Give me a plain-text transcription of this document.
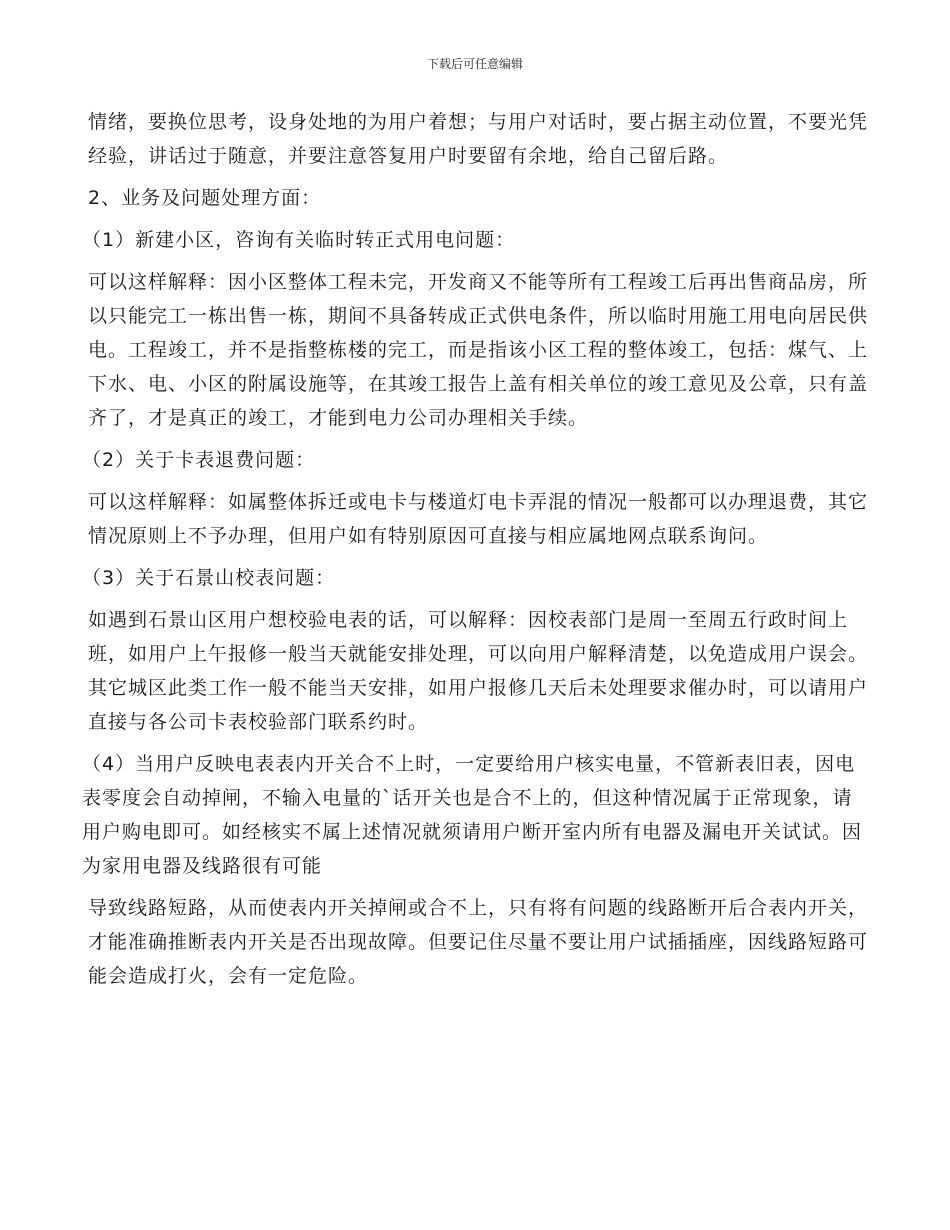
下载后可任意编辑

情绪，要换位思考，设身处地的为用户着想；与用户对话时，要占据主动位置，不要光凭经验，讲话过于随意，并要注意答复用户时要留有余地，给自己留后路。

2、业务及问题处理方面：

（1）新建小区，咨询有关临时转正式用电问题：

可以这样解释：因小区整体工程未完，开发商又不能等所有工程竣工后再出售商品房，所以只能完工一栋出售一栋，期间不具备转成正式供电条件，所以临时用施工用电向居民供电。工程竣工，并不是指整栋楼的完工，而是指该小区工程的整体竣工，包括：煤气、上下水、电、小区的附属设施等，在其竣工报告上盖有相关单位的竣工意见及公章，只有盖齐了，才是真正的竣工，才能到电力公司办理相关手续。

（2）关于卡表退费问题：

可以这样解释：如属整体拆迁或电卡与楼道灯电卡弄混的情况一般都可以办理退费，其它情况原则上不予办理，但用户如有特别原因可直接与相应属地网点联系询问。

（3）关于石景山校表问题：

如遇到石景山区用户想校验电表的话，可以解释：因校表部门是周一至周五行政时间上班，如用户上午报修一般当天就能安排处理，可以向用户解释清楚，以免造成用户误会。其它城区此类工作一般不能当天安排，如用户报修几天后未处理要求催办时，可以请用户直接与各公司卡表校验部门联系约时。

（4）当用户反映电表表内开关合不上时，一定要给用户核实电量，不管新表旧表，因电表零度会自动掉闸，不输入电量的`话开关也是合不上的，但这种情况属于正常现象，请用户购电即可。如经核实不属上述情况就须请用户断开室内所有电器及漏电开关试试。因为家用电器及线路很有可能

导致线路短路，从而使表内开关掉闸或合不上，只有将有问题的线路断开后合表内开关，才能准确推断表内开关是否出现故障。但要记住尽量不要让用户试插插座，因线路短路可能会造成打火，会有一定危险。
